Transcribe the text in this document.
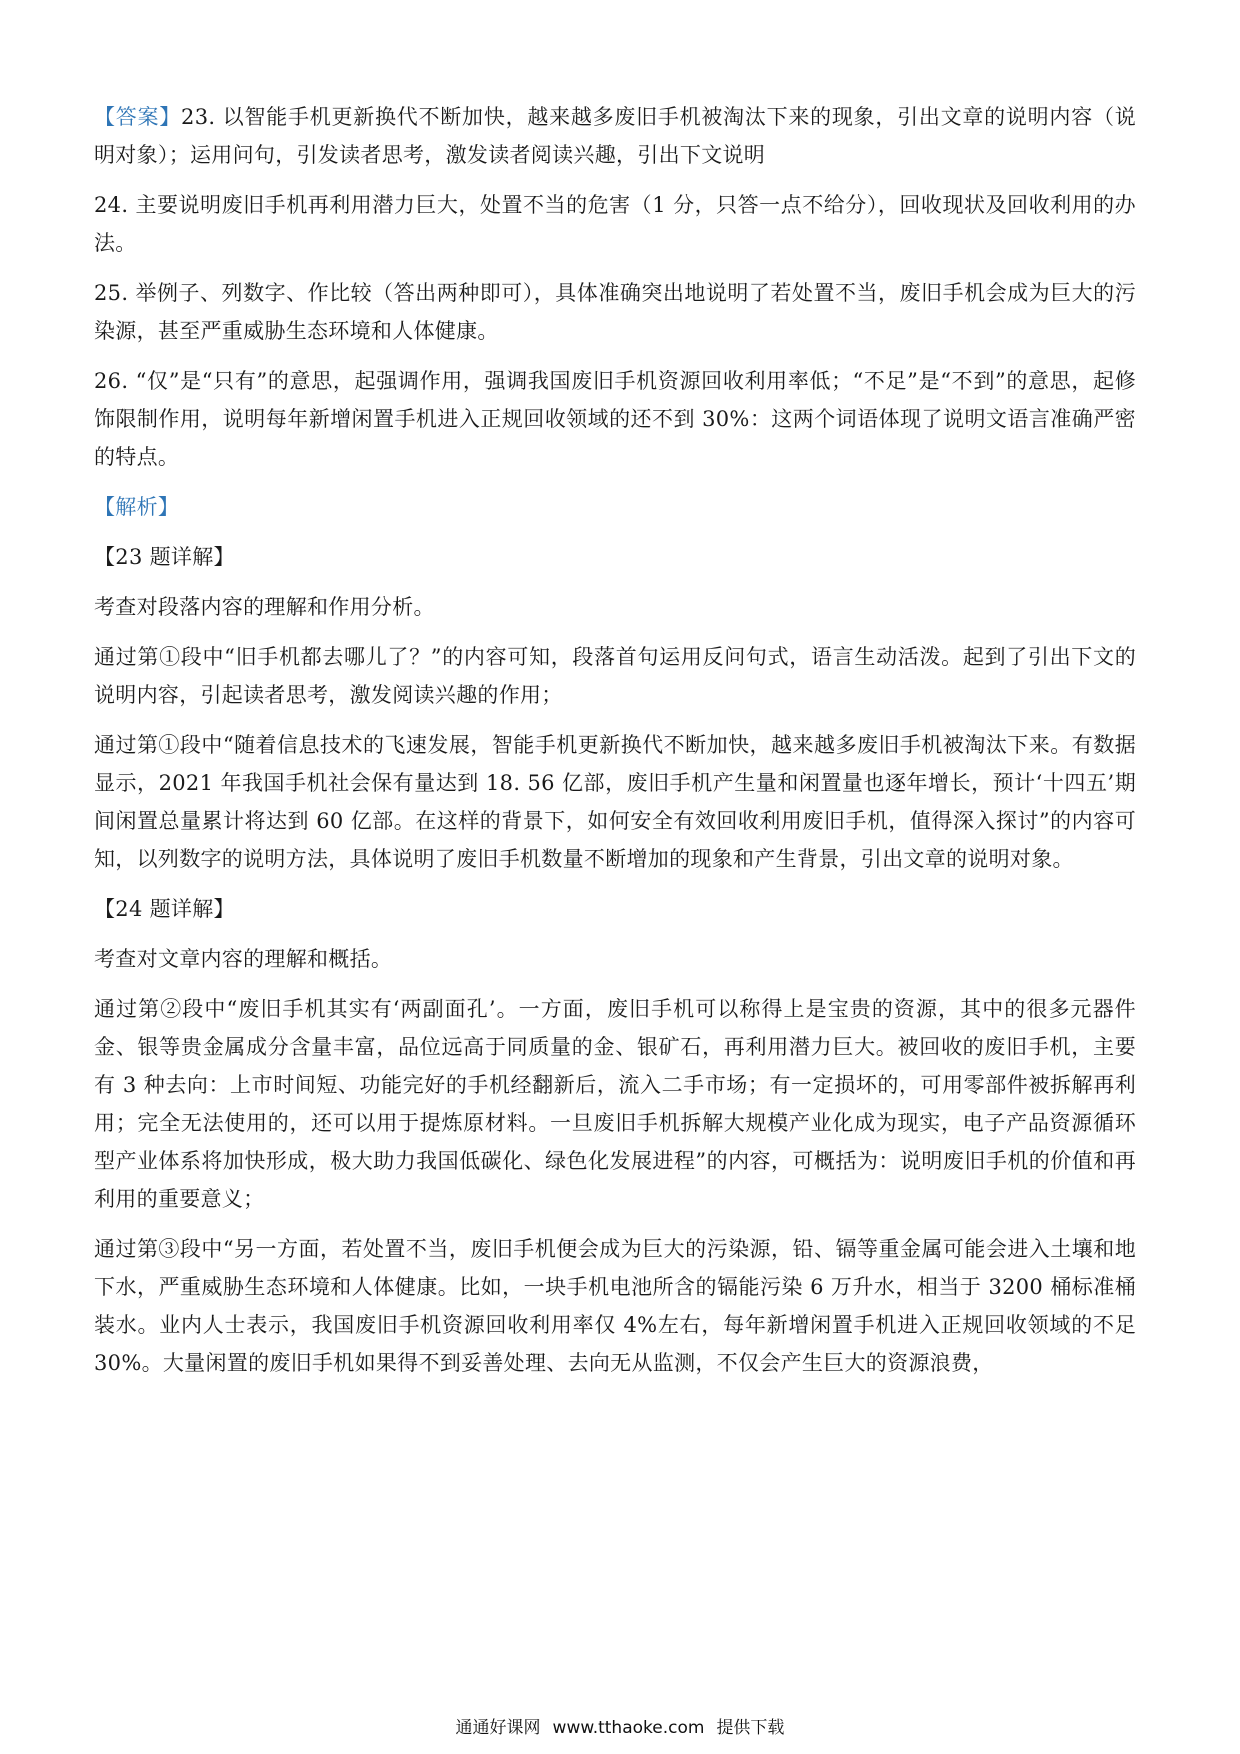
【答案】23. 以智能手机更新换代不断加快，越来越多废旧手机被淘汰下来的现象，引出文章的说明内容（说明对象）；运用问句，引发读者思考，激发读者阅读兴趣，引出下文说明

24. 主要说明废旧手机再利用潜力巨大，处置不当的危害（1 分，只答一点不给分），回收现状及回收利用的办法。

25. 举例子、列数字、作比较（答出两种即可），具体准确突出地说明了若处置不当，废旧手机会成为巨大的污染源，甚至严重威胁生态环境和人体健康。

26. “仅”是“只有”的意思，起强调作用，强调我国废旧手机资源回收利用率低；“不足”是“不到”的意思，起修饰限制作用，说明每年新增闲置手机进入正规回收领域的还不到 30%：这两个词语体现了说明文语言准确严密的特点。

【解析】

【23 题详解】

考查对段落内容的理解和作用分析。

通过第①段中“旧手机都去哪儿了？”的内容可知，段落首句运用反问句式，语言生动活泼。起到了引出下文的说明内容，引起读者思考，激发阅读兴趣的作用；

通过第①段中“随着信息技术的飞速发展，智能手机更新换代不断加快，越来越多废旧手机被淘汰下来。有数据显示，2021 年我国手机社会保有量达到 18. 56 亿部，废旧手机产生量和闲置量也逐年增长，预计‘十四五’期间闲置总量累计将达到 60 亿部。在这样的背景下，如何安全有效回收利用废旧手机，值得深入探讨”的内容可知，以列数字的说明方法，具体说明了废旧手机数量不断增加的现象和产生背景，引出文章的说明对象。

【24 题详解】

考查对文章内容的理解和概括。

通过第②段中“废旧手机其实有‘两副面孔’。一方面，废旧手机可以称得上是宝贵的资源，其中的很多元器件金、银等贵金属成分含量丰富，品位远高于同质量的金、银矿石，再利用潜力巨大。被回收的废旧手机，主要有 3 种去向：上市时间短、功能完好的手机经翻新后，流入二手市场；有一定损坏的，可用零部件被拆解再利用；完全无法使用的，还可以用于提炼原材料。一旦废旧手机拆解大规模产业化成为现实，电子产品资源循环型产业体系将加快形成，极大助力我国低碳化、绿色化发展进程”的内容，可概括为：说明废旧手机的价值和再利用的重要意义；

通过第③段中“另一方面，若处置不当，废旧手机便会成为巨大的污染源，铅、镉等重金属可能会进入土壤和地下水，严重威胁生态环境和人体健康。比如，一块手机电池所含的镉能污染 6 万升水，相当于 3200 桶标准桶装水。业内人士表示，我国废旧手机资源回收利用率仅 4%左右，每年新增闲置手机进入正规回收领域的不足 30%。大量闲置的废旧手机如果得不到妥善处理、去向无从监测，不仅会产生巨大的资源浪费，

通通好课网 www.tthaoke.com 提供下载
